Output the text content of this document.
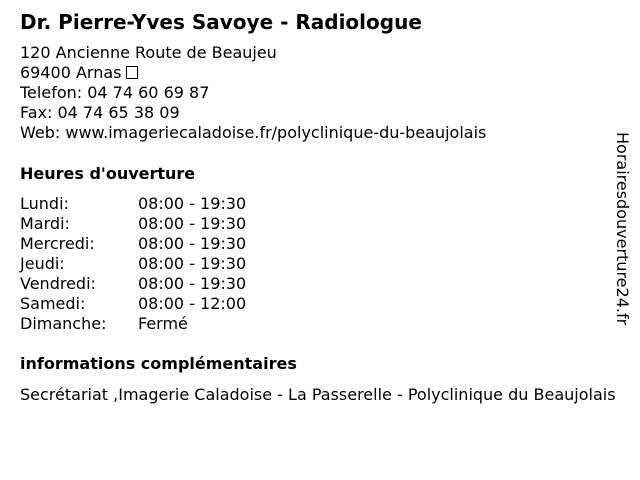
Dr. Pierre-Yves Savoye - Radiologue
120 Ancienne Route de Beaujeu
69400 Arnas
Telefon: 04 74 60 69 87
Fax: 04 74 65 38 09
Web: www.imageriecaladoise.fr/polyclinique-du-beaujolais
Heures d'ouverture
Lundi:	08:00 - 19:30
Mardi:	08:00 - 19:30
Mercredi:	08:00 - 19:30
Jeudi:	08:00 - 19:30
Vendredi:	08:00 - 19:30
Samedi:	08:00 - 12:00
Dimanche: Fermé
informations complémentaires
Secrétariat ,Imagerie Caladoise - La Passerelle - Polyclinique du Beaujolais
Horairesdouverture24.fr
